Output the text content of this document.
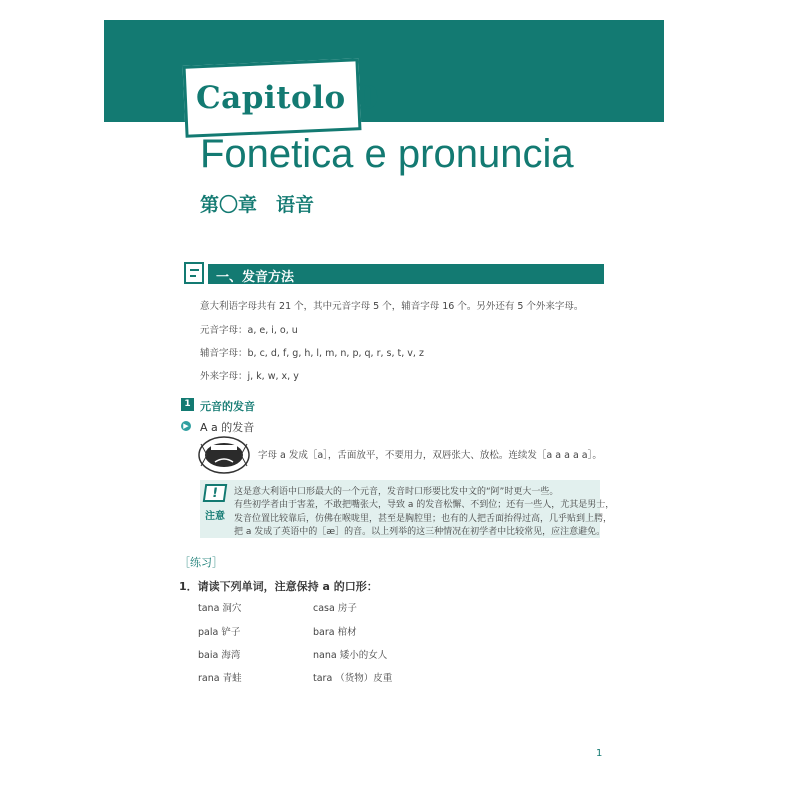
Capitolo 0
Fonetica e pronuncia
第〇章　语音
一、发音方法
意大利语字母共有 21 个，其中元音字母 5 个，辅音字母 16 个。另外还有 5 个外来字母。
元音字母：a, e, i, o, u
辅音字母：b, c, d, f, g, h, l, m, n, p, q, r, s, t, v, z
外来字母：j, k, w, x, y
1 元音的发音
▶ A a 的发音
字母 a 发成［a］，舌面放平，不要用力，双唇张大、放松。连续发［a a a a a］。
!
注意
这是意大利语中口形最大的一个元音，发音时口形要比发中文的“阿”时更大一些。
有些初学者由于害羞，不敢把嘴张大，导致 a 的发音松懈、不到位；还有一些人，尤其是男士，
发音位置比较靠后，仿佛在喉咙里，甚至是胸腔里；也有的人把舌面抬得过高，几乎贴到上腭，
把 a 发成了英语中的［æ］的音。以上列举的这三种情况在初学者中比较常见，应注意避免。
［练习］
1．请读下列单词，注意保持 a 的口形：
tana 洞穴	casa 房子
pala 铲子	bara 棺材
baia 海湾	nana 矮小的女人
rana 青蛙	tara （货物）皮重
1
